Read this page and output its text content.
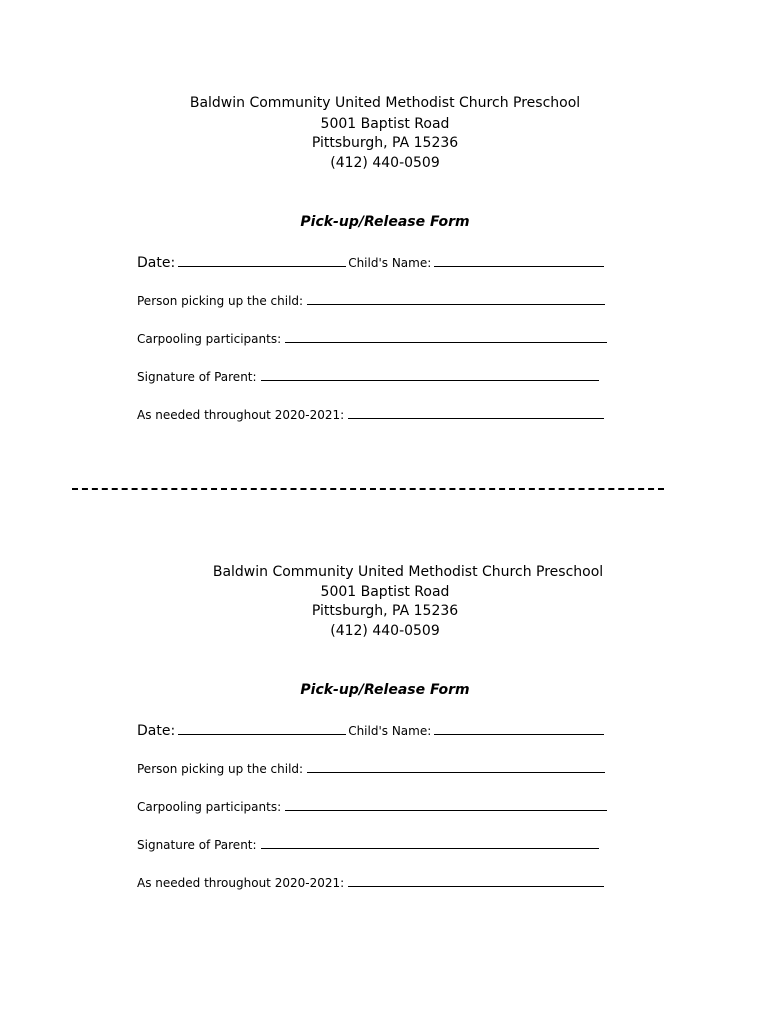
Baldwin Community United Methodist Church Preschool
5001 Baptist Road
Pittsburgh, PA 15236
(412) 440-0509
Pick-up/Release Form
Date:	Child's Name:
Person picking up the child:
Carpooling participants:
Signature of Parent:
As needed throughout 2020-2021:
Baldwin Community United Methodist Church Preschool
5001 Baptist Road
Pittsburgh, PA 15236
(412) 440-0509
Pick-up/Release Form
Date:	Child's Name:
Person picking up the child:
Carpooling participants:
Signature of Parent:
As needed throughout 2020-2021:
